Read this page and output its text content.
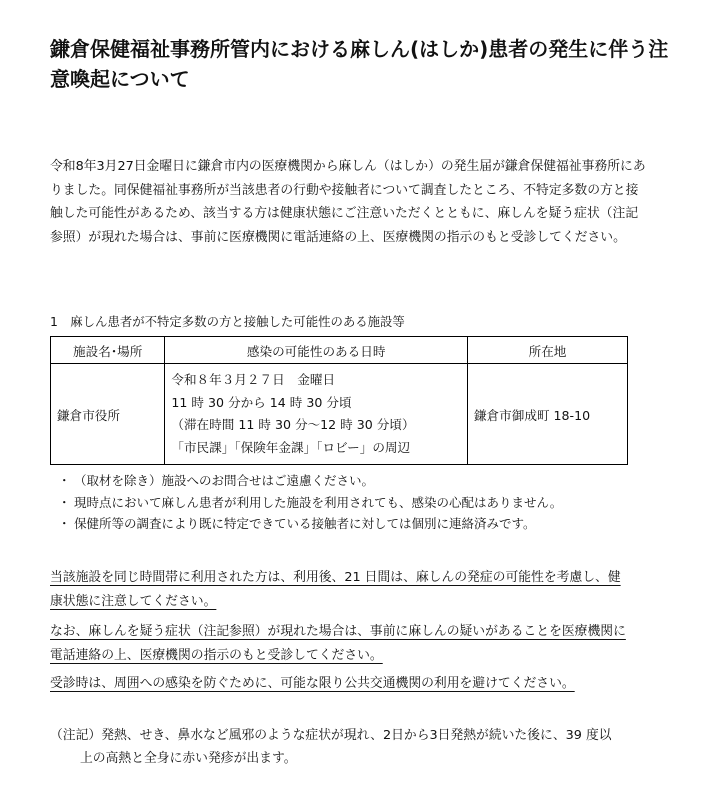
鎌倉保健福祉事務所管内における麻しん(はしか)患者の発生に伴う注意喚起について

令和8年3月27日金曜日に鎌倉市内の医療機関から麻しん（はしか）の発生届が鎌倉保健福祉事務所にありました。同保健福祉事務所が当該患者の行動や接触者について調査したところ、不特定多数の方と接触した可能性があるため、該当する方は健康状態にご注意いただくとともに、麻しんを疑う症状（注記参照）が現れた場合は、事前に医療機関に電話連絡の上、医療機関の指示のもと受診してください。

1　麻しん患者が不特定多数の方と接触した可能性のある施設等

施設名･場所	感染の可能性のある日時	所在地
鎌倉市役所	令和８年３月２７日　金曜日
11 時 30 分から 14 時 30 分頃
（滞在時間 11 時 30 分～12 時 30 分頃）
「市民課」「保険年金課」「ロビー」の周辺	鎌倉市御成町 18-10
・ （取材を除き）施設へのお問合せはご遠慮ください。
・ 現時点において麻しん患者が利用した施設を利用されても、感染の心配はありません。
・ 保健所等の調査により既に特定できている接触者に対しては個別に連絡済みです。

当該施設を同じ時間帯に利用された方は、利用後、21 日間は、麻しんの発症の可能性を考慮し、健康状態に注意してください。

なお、麻しんを疑う症状（注記参照）が現れた場合は、事前に麻しんの疑いがあることを医療機関に電話連絡の上、医療機関の指示のもと受診してください。

受診時は、周囲への感染を防ぐために、可能な限り公共交通機関の利用を避けてください。

（注記）発熱、せき、鼻水など風邪のような症状が現れ、2日から3日発熱が続いた後に、39 度以
上の高熱と全身に赤い発疹が出ます。
